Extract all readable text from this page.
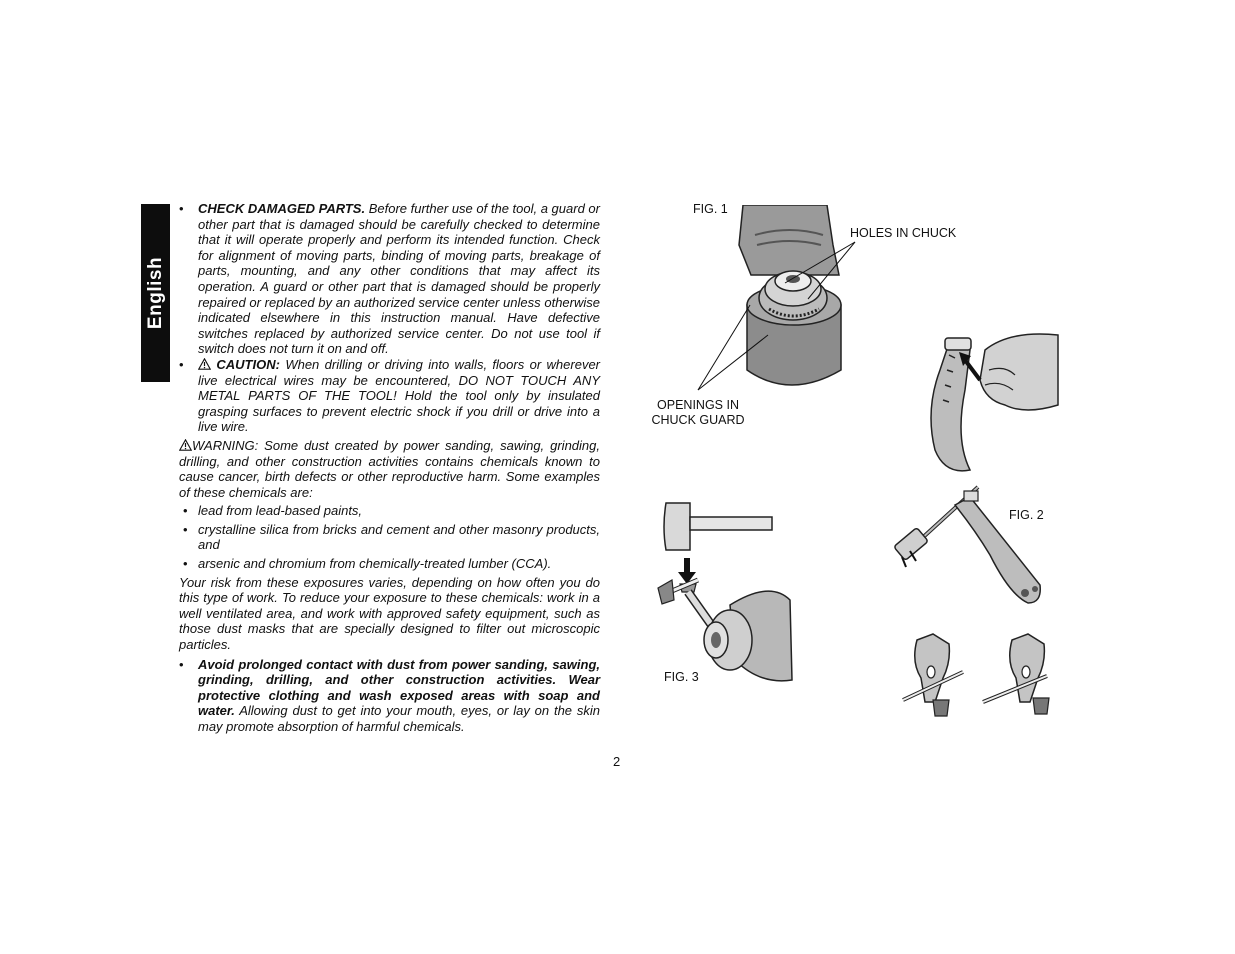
English
• CHECK DAMAGED PARTS. Before further use of the tool, a guard or other part that is damaged should be carefully checked to determine that it will operate properly and perform its intended function. Check for alignment of moving parts, binding of moving parts, breakage of parts, mounting, and any other conditions that may affect its operation. A guard or other part that is damaged should be properly repaired or replaced by an authorized service center unless otherwise indicated elsewhere in this instruction manual. Have defective switches replaced by authorized service center. Do not use tool if switch does not turn it on and off.
•	CAUTION: When drilling or driving into walls, floors or wherever live electrical wires may be encountered, DO NOT TOUCH ANY METAL PARTS OF THE TOOL! Hold the tool only by insulated grasping surfaces to prevent electric shock if you drill or drive into a live wire.
WARNING: Some dust created by power sanding, sawing, grinding, drilling, and other construction activities contains chemicals known to cause cancer, birth defects or other reproductive harm. Some examples of these chemicals are:
• lead from lead-based paints,
• crystalline silica from bricks and cement and other masonry products, and
• arsenic and chromium from chemically-treated lumber (CCA).
Your risk from these exposures varies, depending on how often you do this type of work. To reduce your exposure to these chemicals: work in a well ventilated area, and work with approved safety equipment, such as those dust masks that are specially designed to filter out microscopic particles.
• Avoid prolonged contact with dust from power sanding, sawing, grinding, drilling, and other construction activities. Wear protective clothing and wash exposed areas with soap and water. Allowing dust to get into your mouth, eyes, or lay on the skin may promote absorption of harmful chemicals.
2
FIG. 1
HOLES IN CHUCK
OPENINGS IN
CHUCK GUARD
FIG. 2
FIG. 3
